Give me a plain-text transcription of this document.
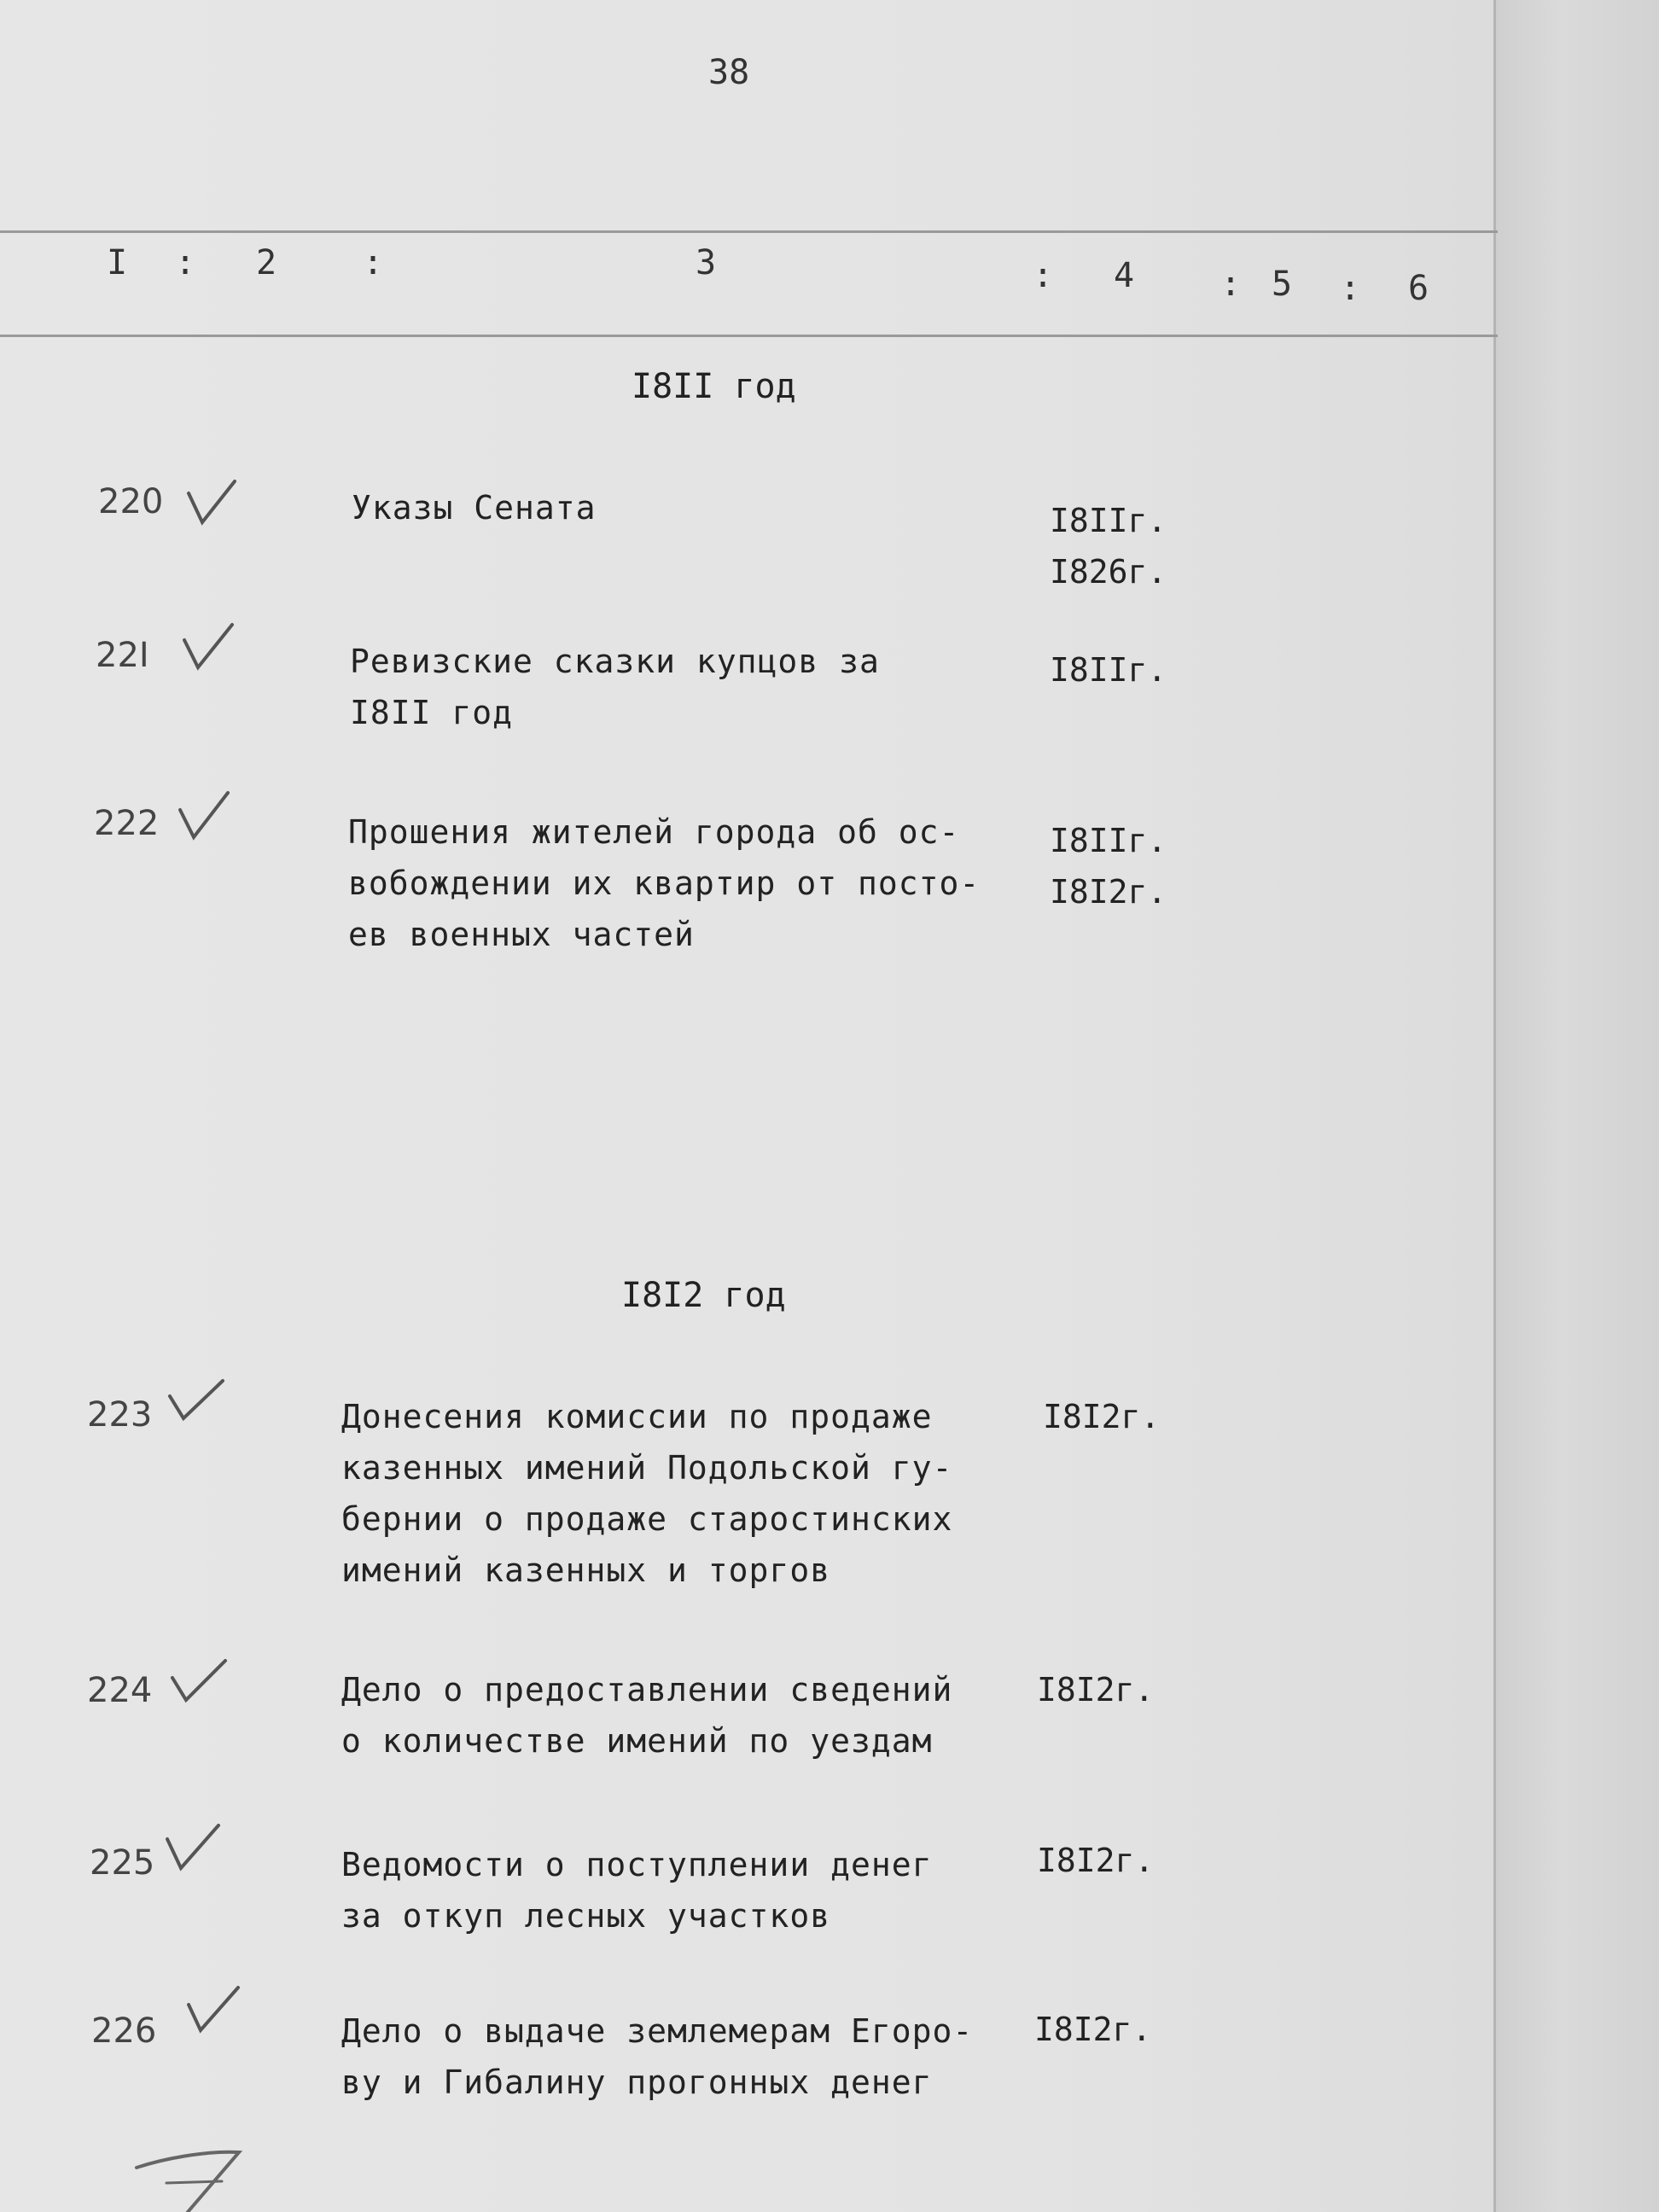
38
I : 2	:	3	: 4	: 5 : 6
I8II год
220	Указы Сената	I8IIг.
I826г.
22I	Ревизские сказки купцов за
I8II год
I8IIг.
222	Прошения жителей города об ос-
вобождении их квартир от посто-
ев военных частей
I8IIг.
I8I2г.
I8I2 год
223	Донесения комиссии по продаже
казенных имений Подольской гу-
бернии о продаже старостинских
имений казенных и торгов
I8I2г.
224	Дело о предоставлении сведений
о количестве имений по уездам
I8I2г.
225	Ведомости о поступлении денег
за откуп лесных участков
I8I2г.
226	Дело о выдаче землемерам Егоро-
ву и Гибалину прогонных денег
I8I2г.
